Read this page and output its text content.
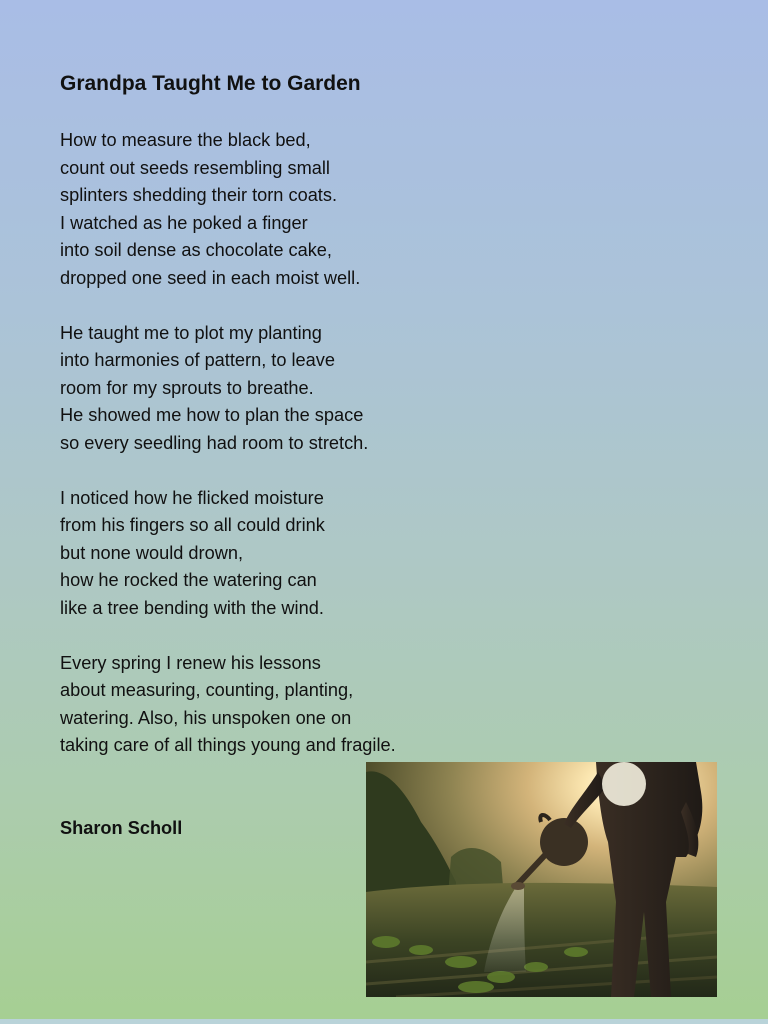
Grandpa Taught Me to Garden
How to measure the black bed,
count out seeds resembling small
splinters shedding their torn coats.
I watched as he poked a finger
into soil dense as chocolate cake,
dropped one seed in each moist well.
He taught me to plot my planting
into harmonies of pattern, to leave
room for my sprouts to breathe.
He showed me how to plan the space
so every seedling had room to stretch.
I noticed how he flicked moisture
from his fingers so all could drink
but none would drown,
how he rocked the watering can
like a tree bending with the wind.
Every spring I renew his lessons
about measuring, counting, planting,
watering. Also, his unspoken one on
taking care of all things young and fragile.

Sharon Scholl
